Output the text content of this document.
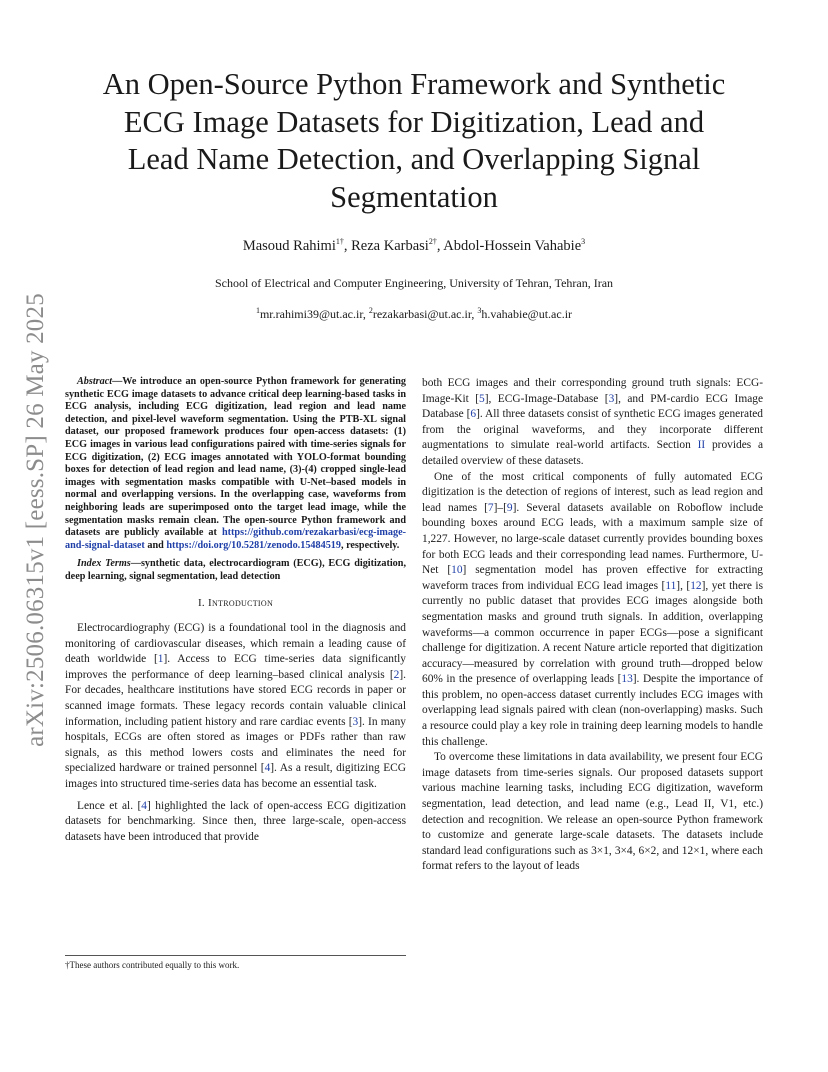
arXiv:2506.06315v1 [eess.SP] 26 May 2025
An Open-Source Python Framework and Synthetic
ECG Image Datasets for Digitization, Lead and
Lead Name Detection, and Overlapping Signal
Segmentation
Masoud Rahimi$^{1\dagger}$, Reza Karbasi$^{2\dagger}$, Abdol-Hossein Vahabie$^3$
School of Electrical and Computer Engineering, University of Tehran, Tehran, Iran
$^1$mr.rahimi39@ut.ac.ir, $^2$rezakarbasi@ut.ac.ir, $^3$h.vahabie@ut.ac.ir

Abstract—We introduce an open-source Python framework for generating synthetic ECG image datasets to advance critical deep learning-based tasks in ECG analysis, including ECG digitization, lead region and lead name detection, and pixel-level waveform segmentation. Using the PTB-XL signal dataset, our proposed framework produces four open-access datasets: (1) ECG images in various lead configurations paired with time-series signals for ECG digitization, (2) ECG images annotated with YOLO-format bounding boxes for detection of lead region and lead name, (3)-(4) cropped single-lead images with segmentation masks compatible with U-Net–based models in normal and overlapping versions. In the overlapping case, waveforms from neighboring leads are superimposed onto the target lead image, while the segmentation masks remain clean. The open-source Python framework and datasets are publicly available at https://github.com/rezakarbasi/ecg-image-and-signal-dataset and https://doi.org/10.5281/zenodo.15484519, respectively.

Index Terms—synthetic data, electrocardiogram (ECG), ECG digitization, deep learning, signal segmentation, lead detection

I. Introduction

Electrocardiography (ECG) is a foundational tool in the diagnosis and monitoring of cardiovascular diseases, which remain a leading cause of death worldwide [1]. Access to ECG time-series data significantly improves the performance of deep learning–based clinical analysis [2]. For decades, healthcare institutions have stored ECG records in paper or scanned image formats. These legacy records contain valuable clinical information, including patient history and rare cardiac events [3]. In many hospitals, ECGs are often stored as images or PDFs rather than raw signals, as this method lowers costs and eliminates the need for specialized hardware or trained personnel [4]. As a result, digitizing ECG images into structured time-series data has become an essential task.

Lence et al. [4] highlighted the lack of open-access ECG digitization datasets for benchmarking. Since then, three large-scale, open-access datasets have been introduced that provide

†These authors contributed equally to this work.

both ECG images and their corresponding ground truth signals: ECG-Image-Kit [5], ECG-Image-Database [3], and PM-cardio ECG Image Database [6]. All three datasets consist of synthetic ECG images generated from the original waveforms, and they incorporate different augmentations to simulate real-world artifacts. Section II provides a detailed overview of these datasets.

One of the most critical components of fully automated ECG digitization is the detection of regions of interest, such as lead region and lead names [7]–[9]. Several datasets available on Roboflow include bounding boxes around ECG leads, with a maximum sample size of 1,227. However, no large-scale dataset currently provides bounding boxes for both ECG leads and their corresponding lead names. Furthermore, U-Net [10] segmentation model has proven effective for extracting waveform traces from individual ECG lead images [11], [12], yet there is currently no public dataset that provides ECG images alongside both segmentation masks and ground truth signals. In addition, overlapping waveforms—a common occurrence in paper ECGs—pose a significant challenge for digitization. A recent Nature article reported that digitization accuracy—measured by correlation with ground truth—dropped below 60% in the presence of overlapping leads [13]. Despite the importance of this problem, no open-access dataset currently includes ECG images with overlapping lead signals paired with clean (non-overlapping) masks. Such a resource could play a key role in training deep learning models to handle this challenge.

To overcome these limitations in data availability, we present four ECG image datasets from time-series signals. Our proposed datasets support various machine learning tasks, including ECG digitization, waveform segmentation, lead detection, and lead name (e.g., Lead II, V1, etc.) detection and recognition. We release an open-source Python framework to customize and generate large-scale datasets. The datasets include standard lead configurations such as 3×1, 3×4, 6×2, and 12×1, where each format refers to the layout of leads
